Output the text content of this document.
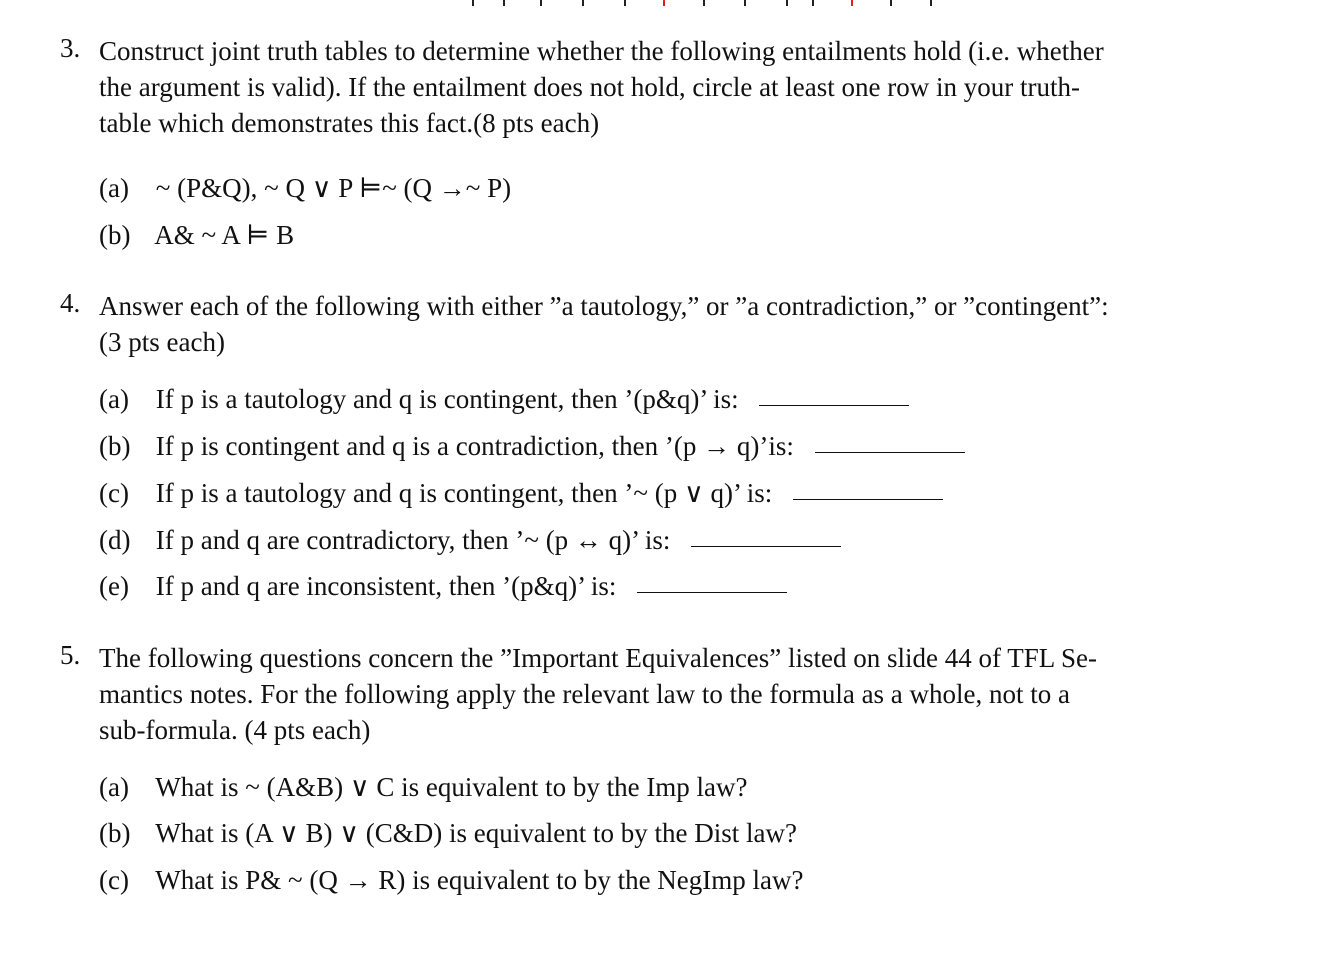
3. Construct joint truth tables to determine whether the following entailments hold (i.e. whether
the argument is valid). If the entailment does not hold, circle at least one row in your truth-
table which demonstrates this fact.(8 pts each)
(a) ~ (P&Q), ~ Q ∨ P ⊨~ (Q →~ P)
(b) A& ~ A ⊨ B
4. Answer each of the following with either ”a tautology,” or ”a contradiction,” or ”contingent”:
(3 pts each)
(a) If p is a tautology and q is contingent, then ’(p&q)’ is:
(b) If p is contingent and q is a contradiction, then ’(p → q)’is:
(c) If p is a tautology and q is contingent, then ’~ (p ∨ q)’ is:
(d) If p and q are contradictory, then ’~ (p ↔ q)’ is:
(e) If p and q are inconsistent, then ’(p&q)’ is:
5. The following questions concern the ”Important Equivalences” listed on slide 44 of TFL Se-
mantics notes. For the following apply the relevant law to the formula as a whole, not to a
sub-formula. (4 pts each)
(a) What is ~ (A&B) ∨ C is equivalent to by the Imp law?
(b) What is (A ∨ B) ∨ (C&D) is equivalent to by the Dist law?
(c) What is P& ~ (Q → R) is equivalent to by the NegImp law?
